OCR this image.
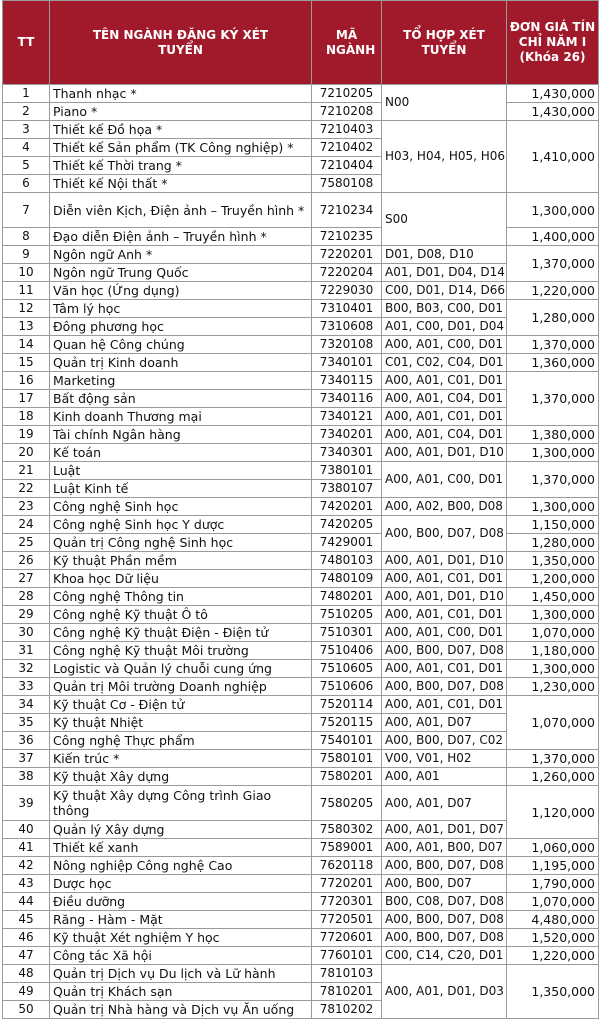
TT	TÊN NGÀNH ĐĂNG KÝ XÉT TUYỂN	MÃ NGÀNH	TỔ HỢP XÉT TUYỂN	ĐƠN GIÁ TÍN CHỈ NĂM I (Khóa 26)
1	Thanh nhạc *	7210205	N00	1,430,000
2	Piano *	7210208		1,430,000
3	Thiết kế Đồ họa *	7210403	H03, H04, H05, H06	1,410,000
4	Thiết kế Sản phẩm (TK Công nghiệp) *	7210402		
5	Thiết kế Thời trang *	7210404		
6	Thiết kế Nội thất *	7580108		
7	Diễn viên Kịch, Điện ảnh – Truyền hình *	7210234	S00	1,300,000
8	Đạo diễn Điện ảnh – Truyền hình *	7210235		1,400,000
9	Ngôn ngữ Anh *	7220201	D01, D08, D10	1,370,000
10	Ngôn ngữ Trung Quốc	7220204	A01, D01, D04, D14	
11	Văn học (Ứng dụng)	7229030	C00, D01, D14, D66	1,220,000
12	Tâm lý học	7310401	B00, B03, C00, D01	1,280,000
13	Đông phương học	7310608	A01, C00, D01, D04	
14	Quan hệ Công chúng	7320108	A00, A01, C00, D01	1,370,000
15	Quản trị Kinh doanh	7340101	C01, C02, C04, D01	1,360,000
16	Marketing	7340115	A00, A01, C01, D01	1,370,000
17	Bất động sản	7340116	A00, A01, C04, D01	
18	Kinh doanh Thương mại	7340121	A00, A01, C01, D01	
19	Tài chính Ngân hàng	7340201	A00, A01, C04, D01	1,380,000
20	Kế toán	7340301	A00, A01, D01, D10	1,300,000
21	Luật	7380101	A00, A01, C00, D01	1,370,000
22	Luật Kinh tế	7380107		
23	Công nghệ Sinh học	7420201	A00, A02, B00, D08	1,300,000
24	Công nghệ Sinh học Y dược	7420205	A00, B00, D07, D08	1,150,000
25	Quản trị Công nghệ Sinh học	7429001		1,280,000
26	Kỹ thuật Phần mềm	7480103	A00, A01, D01, D10	1,350,000
27	Khoa học Dữ liệu	7480109	A00, A01, C01, D01	1,200,000
28	Công nghệ Thông tin	7480201	A00, A01, D01, D10	1,450,000
29	Công nghệ Kỹ thuật Ô tô	7510205	A00, A01, C01, D01	1,300,000
30	Công nghệ Kỹ thuật Điện - Điện tử	7510301	A00, A01, C00, D01	1,070,000
31	Công nghệ Kỹ thuật Môi trường	7510406	A00, B00, D07, D08	1,180,000
32	Logistic và Quản lý chuỗi cung ứng	7510605	A00, A01, C01, D01	1,300,000
33	Quản trị Môi trường Doanh nghiệp	7510606	A00, B00, D07, D08	1,230,000
34	Kỹ thuật Cơ - Điện tử	7520114	A00, A01, C01, D01	1,070,000
35	Kỹ thuật Nhiệt	7520115	A00, A01, D07	
36	Công nghệ Thực phẩm	7540101	A00, B00, D07, C02	
37	Kiến trúc *	7580101	V00, V01, H02	1,370,000
38	Kỹ thuật Xây dựng	7580201	A00, A01	1,260,000
39	Kỹ thuật Xây dựng Công trình Giao thông	7580205	A00, A01, D07	1,120,000
40	Quản lý Xây dựng	7580302	A00, A01, D01, D07	
41	Thiết kế xanh	7589001	A00, A01, B00, D07	1,060,000
42	Nông nghiệp Công nghệ Cao	7620118	A00, B00, D07, D08	1,195,000
43	Dược học	7720201	A00, B00, D07	1,790,000
44	Điều dưỡng	7720301	B00, C08, D07, D08	1,070,000
45	Răng - Hàm - Mặt	7720501	A00, B00, D07, D08	4,480,000
46	Kỹ thuật Xét nghiệm Y học	7720601	A00, B00, D07, D08	1,520,000
47	Công tác Xã hội	7760101	C00, C14, C20, D01	1,220,000
48	Quản trị Dịch vụ Du lịch và Lữ hành	7810103	A00, A01, D01, D03	1,350,000
49	Quản trị Khách sạn	7810201		
50	Quản trị Nhà hàng và Dịch vụ Ăn uống	7810202		
